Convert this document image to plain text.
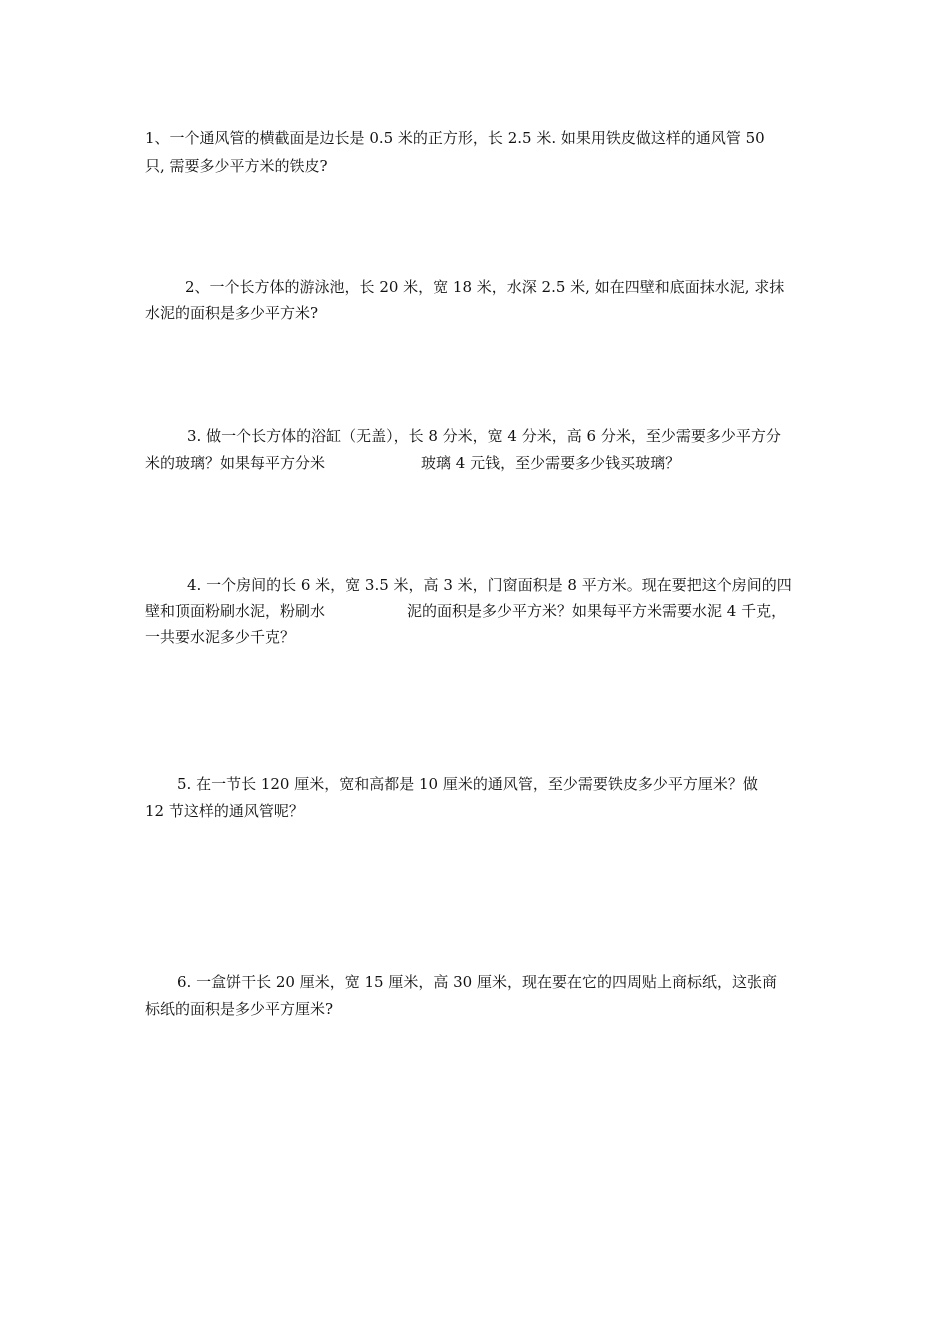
1、一个通风管的横截面是边长是 0.5 米的正方形，长 2.5 米. 如果用铁皮做这样的通风管 50
只, 需要多少平方米的铁皮?
2、一个长方体的游泳池，长 20 米，宽 18 米，水深 2.5 米, 如在四壁和底面抹水泥, 求抹
水泥的面积是多少平方米?
3. 做一个长方体的浴缸（无盖），长 8 分米，宽 4 分米，高 6 分米，至少需要多少平方分
米的玻璃？如果每平方分米	玻璃 4 元钱，至少需要多少钱买玻璃？
4. 一个房间的长 6 米，宽 3.5 米，高 3 米，门窗面积是 8 平方米。现在要把这个房间的四
壁和顶面粉刷水泥，粉刷水	泥的面积是多少平方米？如果每平方米需要水泥 4 千克，
一共要水泥多少千克？
5. 在一节长 120 厘米，宽和高都是 10 厘米的通风管，至少需要铁皮多少平方厘米？做
12 节这样的通风管呢？
6. 一盒饼干长 20 厘米，宽 15 厘米，高 30 厘米，现在要在它的四周贴上商标纸，这张商
标纸的面积是多少平方厘米?
